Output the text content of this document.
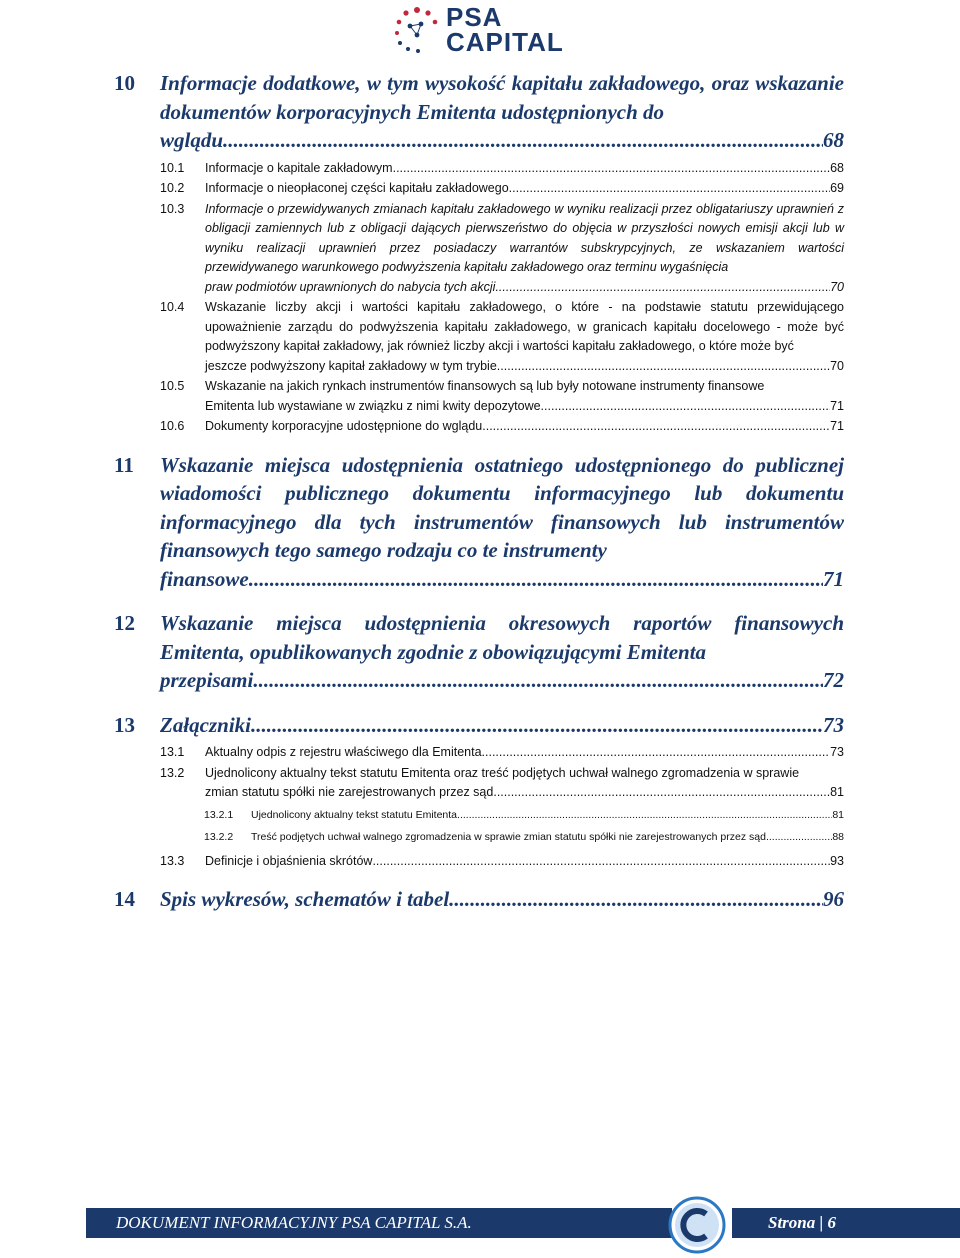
PSA
CAPITAL
10 Informacje dodatkowe, w tym wysokość kapitału zakładowego, oraz wskazanie dokumentów korporacyjnych Emitenta udostępnionych do
wglądu .....	68
10.1 Informacje o kapitale zakładowym .....	68
10.2 Informacje o nieopłaconej części kapitału zakładowego .....	69
10.3 Informacje o przewidywanych zmianach kapitału zakładowego w wyniku realizacji przez obligatariuszy uprawnień z obligacji zamiennych lub z obligacji dających pierwszeństwo do objęcia w przyszłości nowych emisji akcji lub w wyniku realizacji uprawnień przez posiadaczy warrantów subskrypcyjnych, ze wskazaniem wartości przewidywanego warunkowego podwyższenia kapitału zakładowego oraz terminu wygaśnięcia
praw podmiotów uprawnionych do nabycia tych akcji .....	70
10.4 Wskazanie liczby akcji i wartości kapitału zakładowego, o które - na podstawie statutu przewidującego upoważnienie zarządu do podwyższenia kapitału zakładowego, w granicach kapitału docelowego - może być podwyższony kapitał zakładowy, jak również liczby akcji i wartości kapitału zakładowego, o które może być
jeszcze podwyższony kapitał zakładowy w tym trybie .....	70
10.5 Wskazanie na jakich rynkach instrumentów finansowych są lub były notowane instrumenty finansowe
Emitenta lub wystawiane w związku z nimi kwity depozytowe .....	71
10.6 Dokumenty korporacyjne udostępnione do wglądu .....	71
11 Wskazanie miejsca udostępnienia ostatniego udostępnionego do publicznej wiadomości publicznego dokumentu informacyjnego lub dokumentu informacyjnego dla tych instrumentów finansowych lub instrumentów finansowych tego samego rodzaju co te instrumenty
finansowe .....	71
12 Wskazanie miejsca udostępnienia okresowych raportów finansowych Emitenta, opublikowanych zgodnie z obowiązującymi Emitenta
przepisami .....	72
13 Załączniki .....	73
13.1 Aktualny odpis z rejestru właściwego dla Emitenta .....	73
13.2 Ujednolicony aktualny tekst statutu Emitenta oraz treść podjętych uchwał walnego zgromadzenia w sprawie
zmian statutu spółki nie zarejestrowanych przez sąd .....	81
13.2.1 Ujednolicony aktualny tekst statutu Emitenta .....	81
13.2.2 Treść podjętych uchwał walnego zgromadzenia w sprawie zmian statutu spółki nie zarejestrowanych przez sąd .....	88
13.3 Definicje i objaśnienia skrótów .....	93
14 Spis wykresów, schematów i tabel .....	96
DOKUMENT INFORMACYJNY PSA CAPITAL S.A.	Strona | 6
